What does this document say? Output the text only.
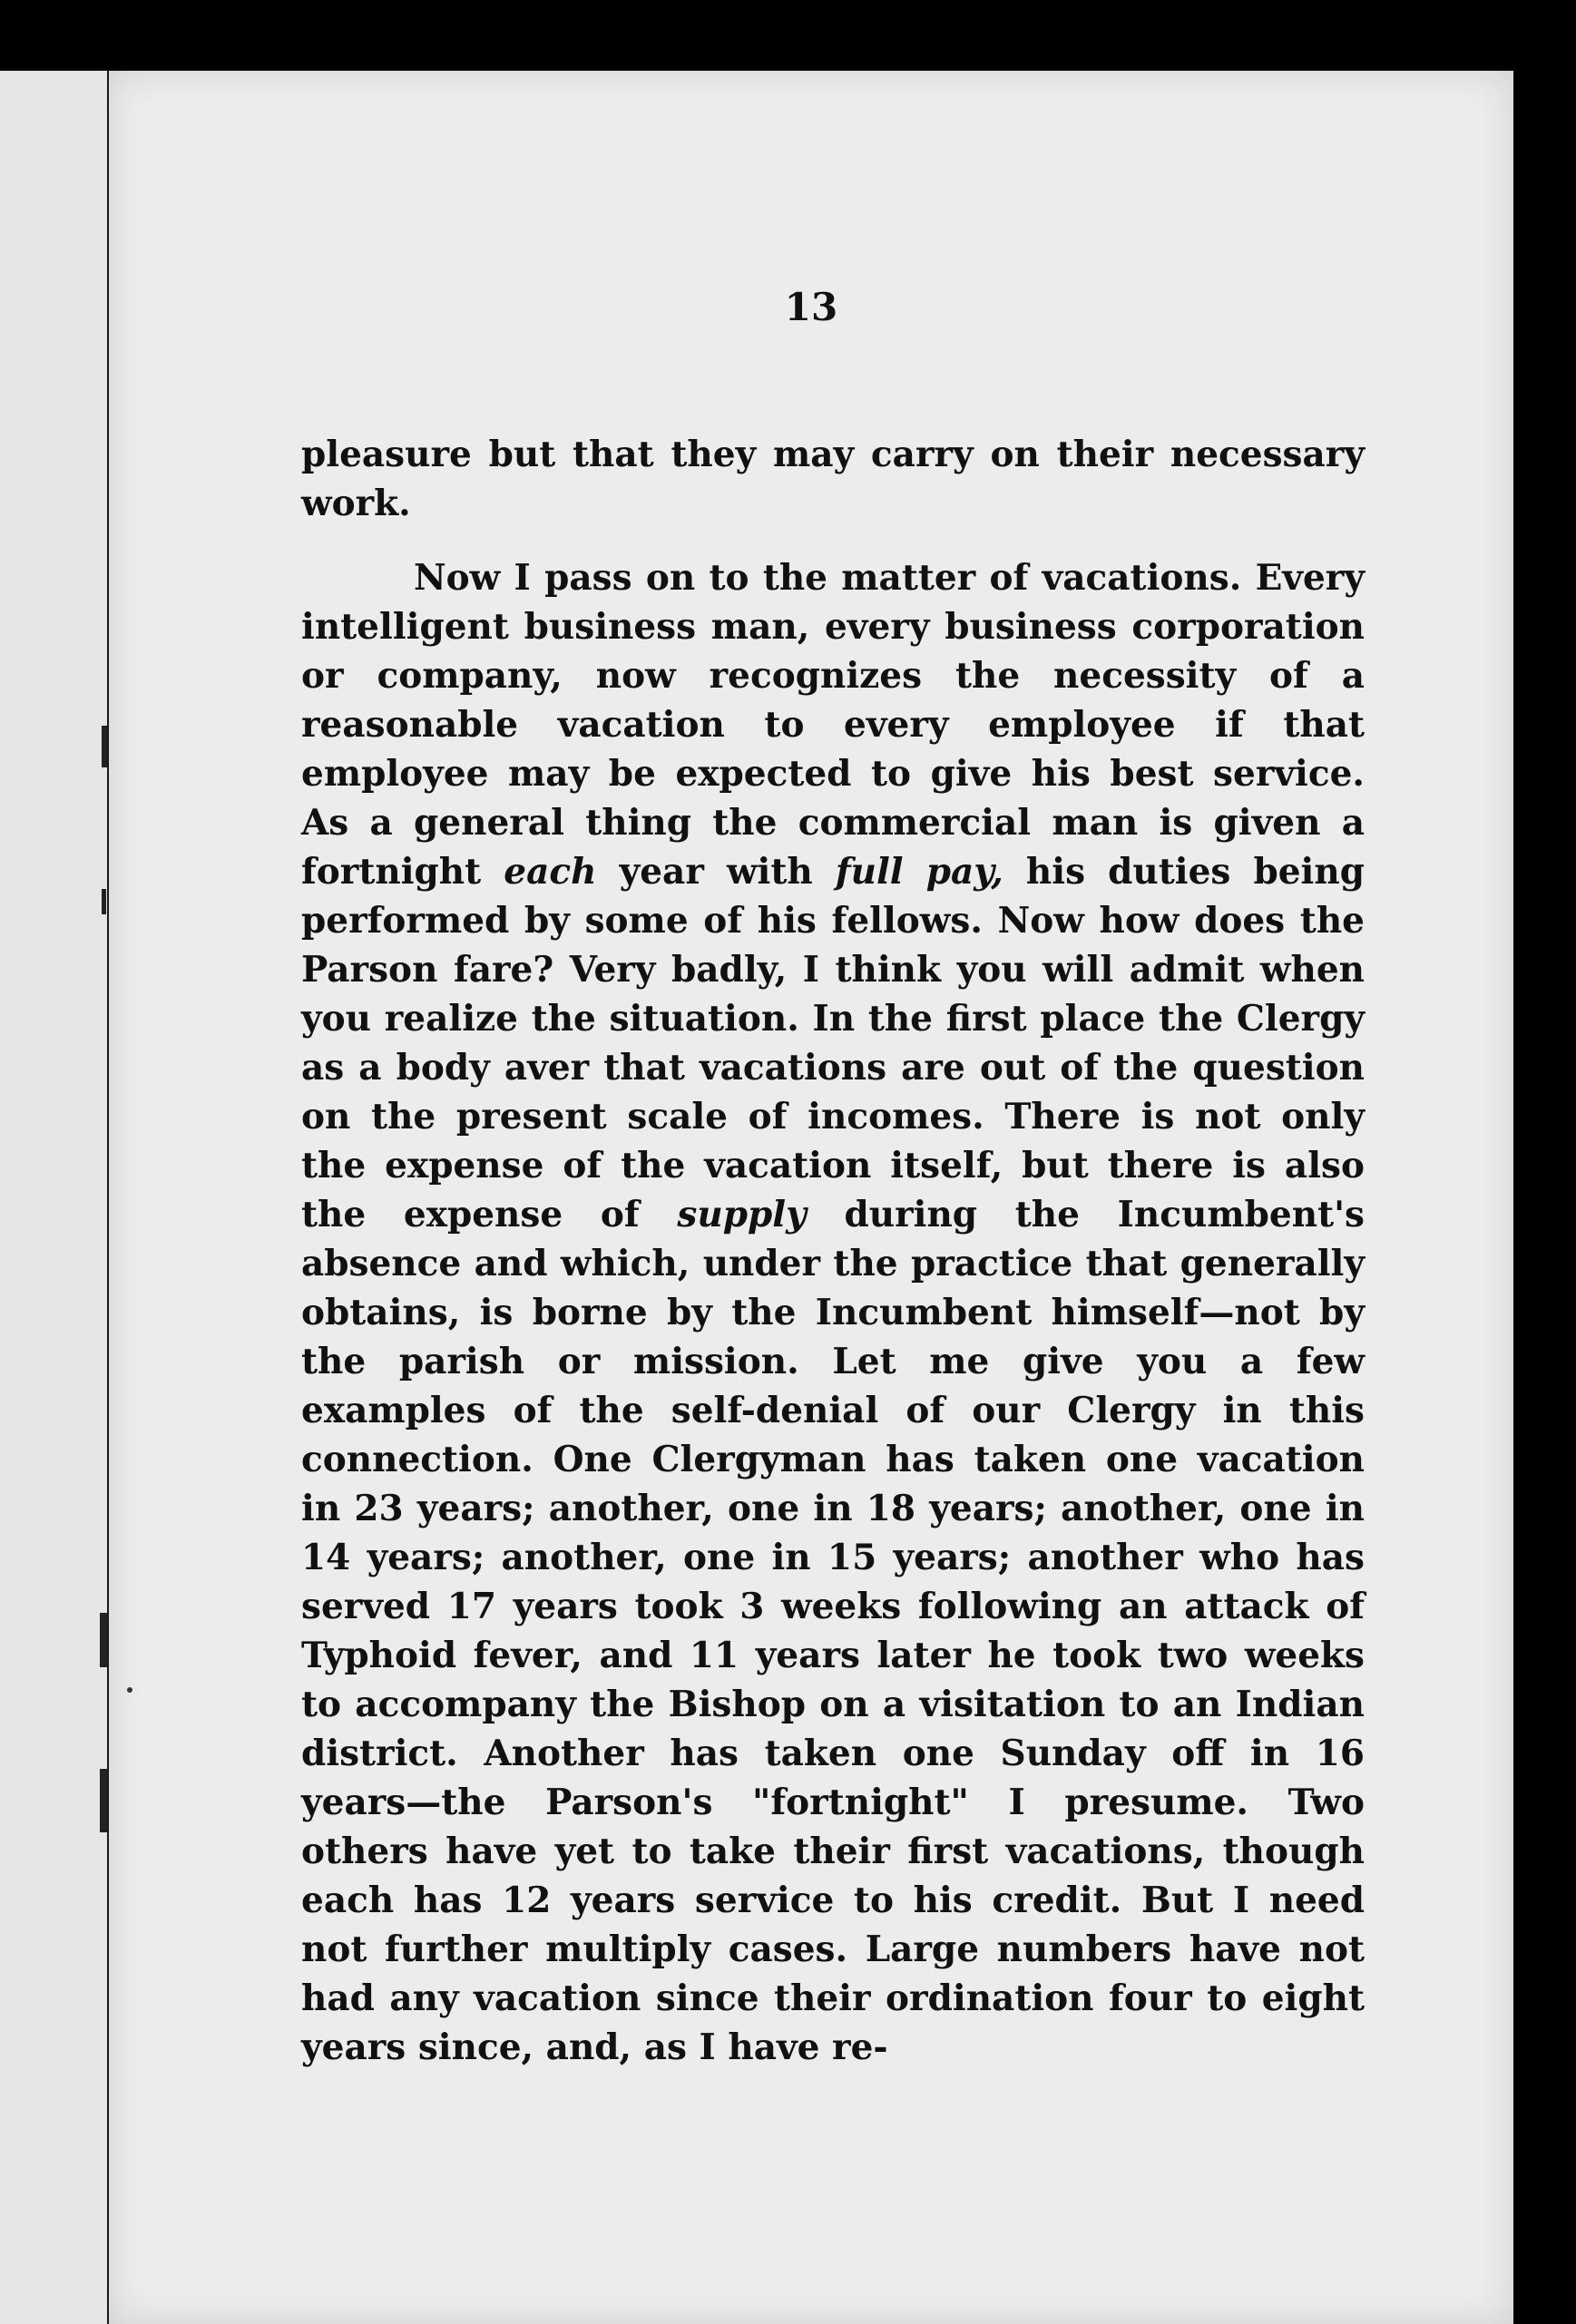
13

pleasure but that they may carry on their necessary work.

Now I pass on to the matter of vacations. Every intelligent business man, every business corporation or company, now recognizes the necessity of a reasonable vacation to every employee if that employee may be expected to give his best service. As a general thing the commercial man is given a fortnight each year with full pay, his duties being performed by some of his fellows. Now how does the Parson fare? Very badly, I think you will admit when you realize the situation. In the first place the Clergy as a body aver that vacations are out of the question on the present scale of incomes. There is not only the expense of the vacation itself, but there is also the expense of supply during the Incumbent's absence and which, under the practice that generally obtains, is borne by the Incumbent himself—not by the parish or mission. Let me give you a few examples of the self-denial of our Clergy in this connection. One Clergyman has taken one vacation in 23 years; another, one in 18 years; another, one in 14 years; another, one in 15 years; another who has served 17 years took 3 weeks following an attack of Typhoid fever, and 11 years later he took two weeks to accompany the Bishop on a visitation to an Indian district. Another has taken one Sunday off in 16 years—the Parson's "fortnight" I presume. Two others have yet to take their first vacations, though each has 12 years service to his credit. But I need not further multiply cases. Large numbers have not had any vacation since their ordination four to eight years since, and, as I have re-
